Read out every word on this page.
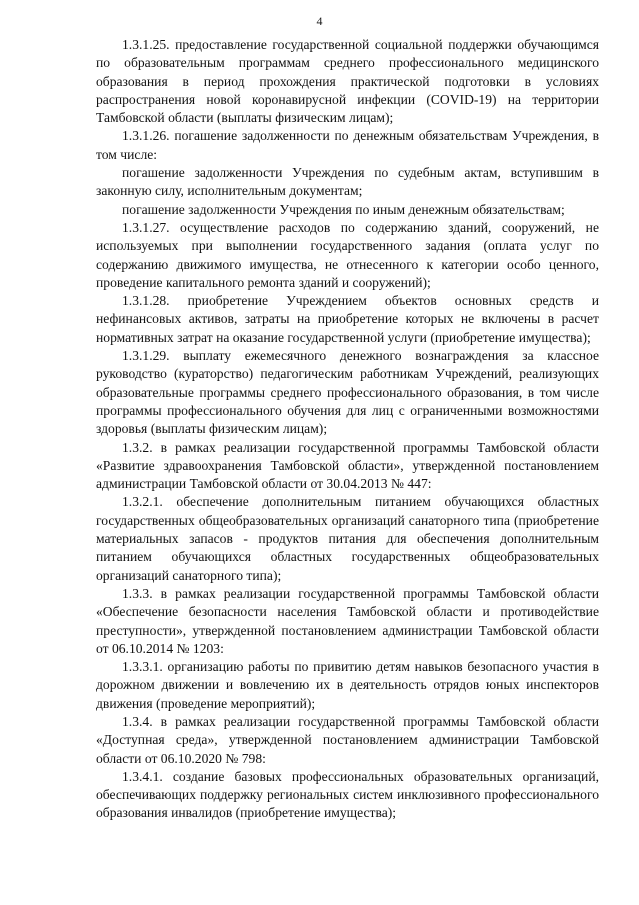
4

1.3.1.25. предоставление государственной социальной поддержки обучающимся по образовательным программам среднего профессионального медицинского образования в период прохождения практической подготовки в условиях распространения новой коронавирусной инфекции (COVID-19) на территории Тамбовской области (выплаты физическим лицам);

1.3.1.26. погашение задолженности по денежным обязательствам Учреждения, в том числе:

погашение задолженности Учреждения по судебным актам, вступившим в законную силу, исполнительным документам;

погашение задолженности Учреждения по иным денежным обязательствам;

1.3.1.27. осуществление расходов по содержанию зданий, сооружений, не используемых при выполнении государственного задания (оплата услуг по содержанию движимого имущества, не отнесенного к категории особо ценного, проведение капитального ремонта зданий и сооружений);

1.3.1.28. приобретение Учреждением объектов основных средств и нефинансовых активов, затраты на приобретение которых не включены в расчет нормативных затрат на оказание государственной услуги (приобретение имущества);

1.3.1.29. выплату ежемесячного денежного вознаграждения за классное руководство (кураторство) педагогическим работникам Учреждений, реализующих образовательные программы среднего профессионального образования, в том числе программы профессионального обучения для лиц с ограниченными возможностями здоровья (выплаты физическим лицам);

1.3.2. в рамках реализации государственной программы Тамбовской области «Развитие здравоохранения Тамбовской области», утвержденной постановлением администрации Тамбовской области от 30.04.2013 № 447:

1.3.2.1. обеспечение дополнительным питанием обучающихся областных государственных общеобразовательных организаций санаторного типа (приобретение материальных запасов - продуктов питания для обеспечения дополнительным питанием обучающихся областных государственных общеобразовательных организаций санаторного типа);

1.3.3. в рамках реализации государственной программы Тамбовской области «Обеспечение безопасности населения Тамбовской области и противодействие преступности», утвержденной постановлением администрации Тамбовской области от 06.10.2014 № 1203:

1.3.3.1. организацию работы по привитию детям навыков безопасного участия в дорожном движении и вовлечению их в деятельность отрядов юных инспекторов движения (проведение мероприятий);

1.3.4. в рамках реализации государственной программы Тамбовской области «Доступная среда», утвержденной постановлением администрации Тамбовской области от 06.10.2020 № 798:

1.3.4.1. создание базовых профессиональных образовательных организаций, обеспечивающих поддержку региональных систем инклюзивного профессионального образования инвалидов (приобретение имущества);
